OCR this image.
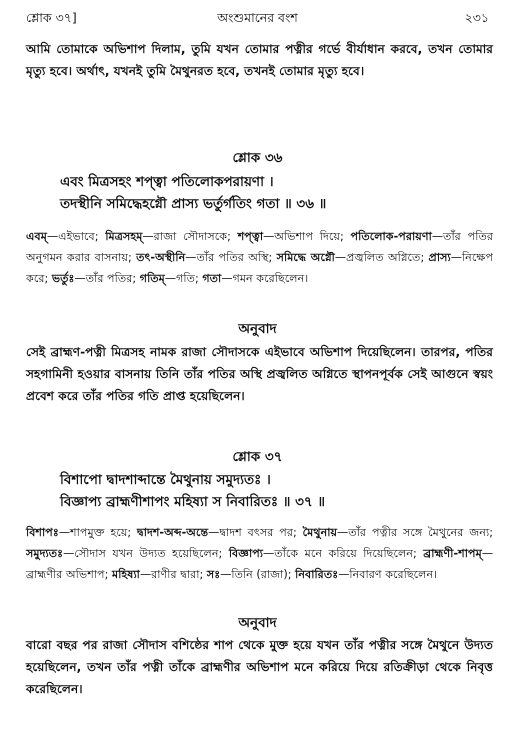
শ্লোক ৩৭]	অংশুমানের বংশ	২৩১
আমি তোমাকে অভিশাপ দিলাম, তুমি যখন তোমার পত্নীর গর্ভে বীর্যাধান করবে, তখন তোমার মৃত্যু হবে। অর্থাৎ, যখনই তুমি মৈথুনরত হবে, তখনই তোমার মৃত্যু হবে।
শ্লোক ৩৬
এবং মিত্রসহং শপ্ত্বা পতিলোকপরায়ণা ।
তদস্থীনি সমিদ্ধেহগ্নৌ প্রাস্য ভর্তুর্গতিং গতা ॥ ৩৬ ॥
এবম্—এইভাবে; মিত্রসহম্—রাজা সৌদাসকে; শপ্ত্বা—অভিশাপ দিয়ে; পতিলোক-পরায়ণা—তাঁর পতির অনুগমন করার বাসনায়; তৎ-অস্থীনি—তাঁর পতির অস্থি; সমিদ্ধে অগ্নৌ—প্রজ্বলিত অগ্নিতে; প্রাস্য—নিক্ষেপ করে; ভর্তুঃ—তাঁর পতির; গতিম্—গতি; গতা—গমন করেছিলেন।
অনুবাদ
সেই ব্রাহ্মণ-পত্নী মিত্রসহ নামক রাজা সৌদাসকে এইভাবে অভিশাপ দিয়েছিলেন। তারপর, পতির সহগামিনী হওয়ার বাসনায় তিনি তাঁর পতির অস্থি প্রজ্বলিত অগ্নিতে স্থাপনপূর্বক সেই আগুনে স্বয়ং প্রবেশ করে তাঁর পতির গতি প্রাপ্ত হয়েছিলেন।
শ্লোক ৩৭
বিশাপো দ্বাদশাব্দান্তে মৈথুনায় সমুদ্যতঃ ।
বিজ্ঞাপ্য ব্রাহ্মণীশাপং মহিষ্যা স নিবারিতঃ ॥ ৩৭ ॥
বিশাপঃ—শাপমুক্ত হয়ে; দ্বাদশ-অব্দ-অন্তে—দ্বাদশ বৎসর পর; মৈথুনায়—তাঁর পত্নীর সঙ্গে মৈথুনের জন্য; সমুদ্যতঃ—সৌদাস যখন উদ্যত হয়েছিলেন; বিজ্ঞাপ্য—তাঁকে মনে করিয়ে দিয়েছিলেন; ব্রাহ্মণী-শাপম্—ব্রাহ্মণীর অভিশাপ; মহিষ্যা—রাণীর দ্বারা; সঃ—তিনি (রাজা); নিবারিতঃ—নিবারণ করেছিলেন।
অনুবাদ
বারো বছর পর রাজা সৌদাস বশিষ্ঠের শাপ থেকে মুক্ত হয়ে যখন তাঁর পত্নীর সঙ্গে মৈথুনে উদ্যত হয়েছিলেন, তখন তাঁর পত্নী তাঁকে ব্রাহ্মণীর অভিশাপ মনে করিয়ে দিয়ে রতিক্রীড়া থেকে নিবৃত্ত করেছিলেন।
